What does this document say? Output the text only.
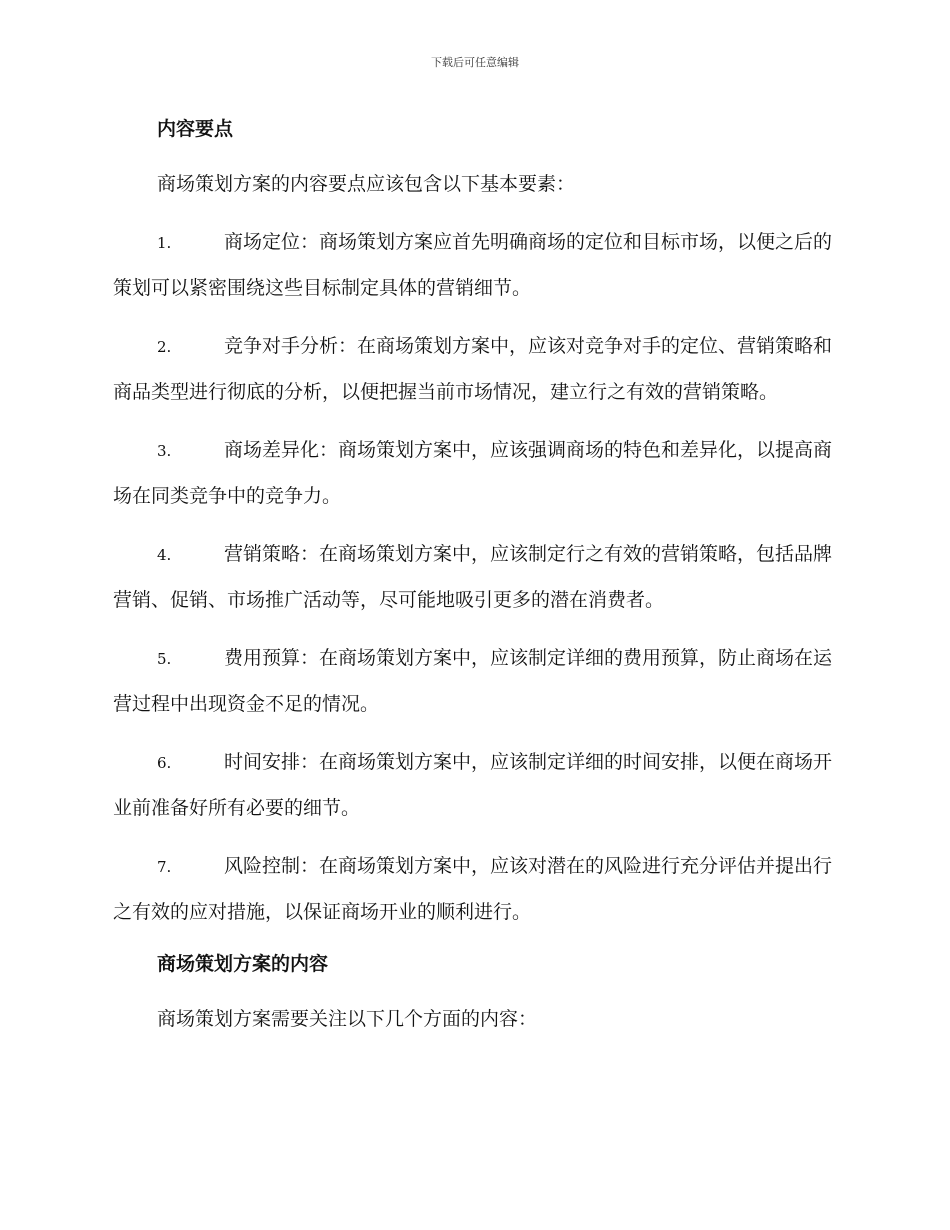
下载后可任意编辑
内容要点

商场策划方案的内容要点应该包含以下基本要素：

1.	商场定位：商场策划方案应首先明确商场的定位和目标市场，以便之后的策划可以紧密围绕这些目标制定具体的营销细节。
2.	竞争对手分析：在商场策划方案中，应该对竞争对手的定位、营销策略和商品类型进行彻底的分析，以便把握当前市场情况，建立行之有效的营销策略。
3.	商场差异化：商场策划方案中，应该强调商场的特色和差异化，以提高商场在同类竞争中的竞争力。
4.	营销策略：在商场策划方案中，应该制定行之有效的营销策略，包括品牌营销、促销、市场推广活动等，尽可能地吸引更多的潜在消费者。
5.	费用预算：在商场策划方案中，应该制定详细的费用预算，防止商场在运营过程中出现资金不足的情况。
6.	时间安排：在商场策划方案中，应该制定详细的时间安排，以便在商场开业前准备好所有必要的细节。
7.	风险控制：在商场策划方案中，应该对潜在的风险进行充分评估并提出行之有效的应对措施，以保证商场开业的顺利进行。
商场策划方案的内容

商场策划方案需要关注以下几个方面的内容：
